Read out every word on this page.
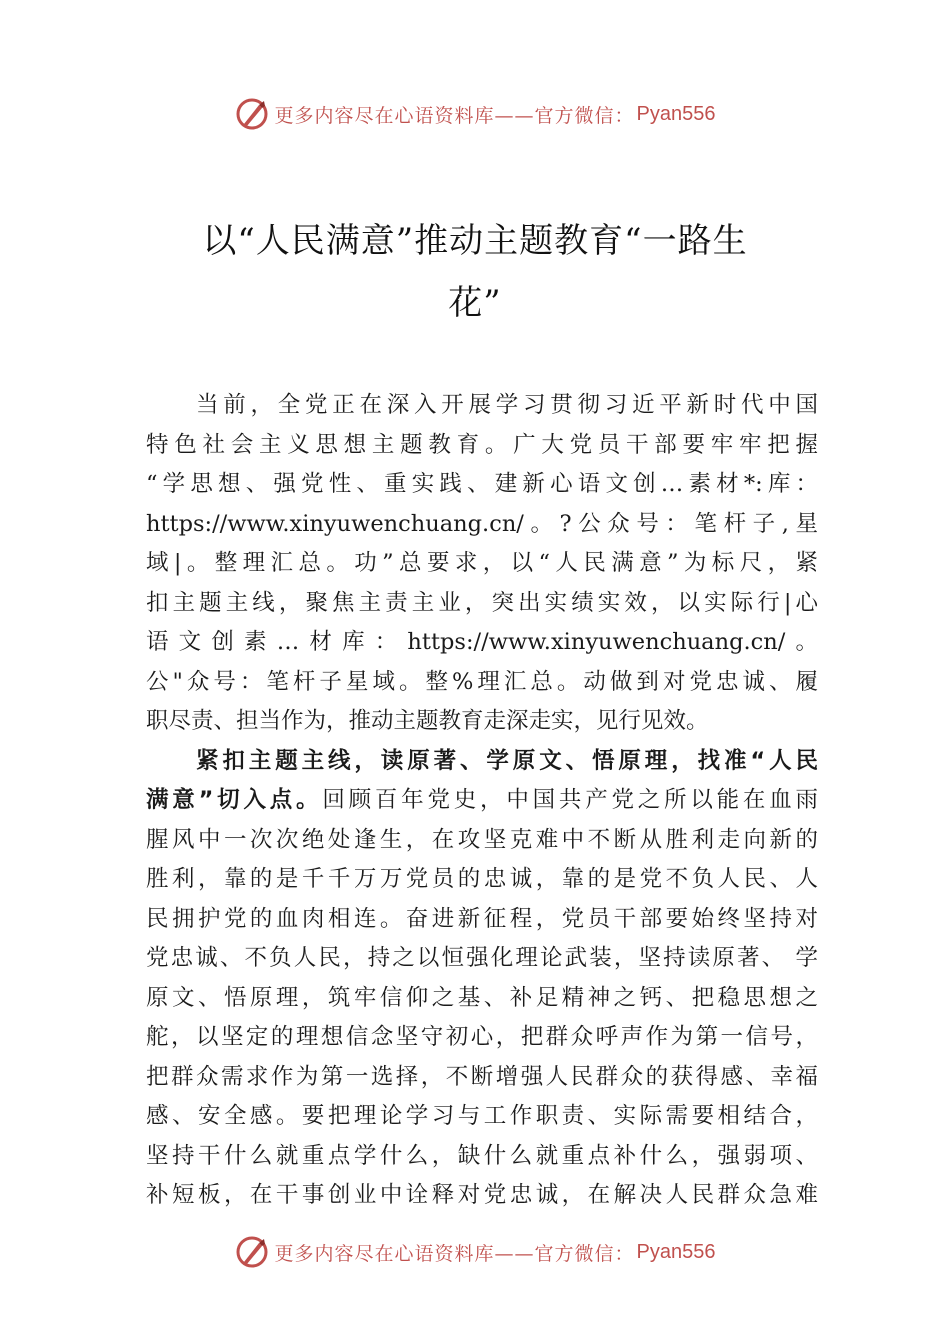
更多内容尽在心语资料库——官方微信： Pyan556
以“人民满意”推动主题教育“一路生
花”
当前，全党正在深入开展学习贯彻习近平新时代中国
特色社会主义思想主题教育。广大党员干部要牢牢把握
“学思想、强党性、重实践、建新心语文创…素材*:库：
https://www.xinyuwenchuang.cn/。?公众号：笔杆子,星
域|。整理汇总。功”总要求，以“人民满意”为标尺，紧
扣主题主线，聚焦主责主业，突出实绩实效，以实际行|心
语文创素…材库：https://www.xinyuwenchuang.cn/。
公"众号：笔杆子星域。整%理汇总。动做到对党忠诚、履
职尽责、担当作为，推动主题教育走深走实，见行见效。
紧扣主题主线，读原著、学原文、悟原理，找准“人民
满意”切入点。回顾百年党史，中国共产党之所以能在血雨
腥风中一次次绝处逢生，在攻坚克难中不断从胜利走向新的
胜利，靠的是千千万万党员的忠诚，靠的是党不负人民、人
民拥护党的血肉相连。奋进新征程，党员干部要始终坚持对
党忠诚、不负人民，持之以恒强化理论武装，坚持读原著、 学
原文、悟原理，筑牢信仰之基、补足精神之钙、把稳思想之
舵，以坚定的理想信念坚守初心，把群众呼声作为第一信号，
把群众需求作为第一选择，不断增强人民群众的获得感、幸福
感、安全感。要把理论学习与工作职责、实际需要相结合，
坚持干什么就重点学什么，缺什么就重点补什么，强弱项、
补短板，在干事创业中诠释对党忠诚，在解决人民群众急难
更多内容尽在心语资料库——官方微信： Pyan556
